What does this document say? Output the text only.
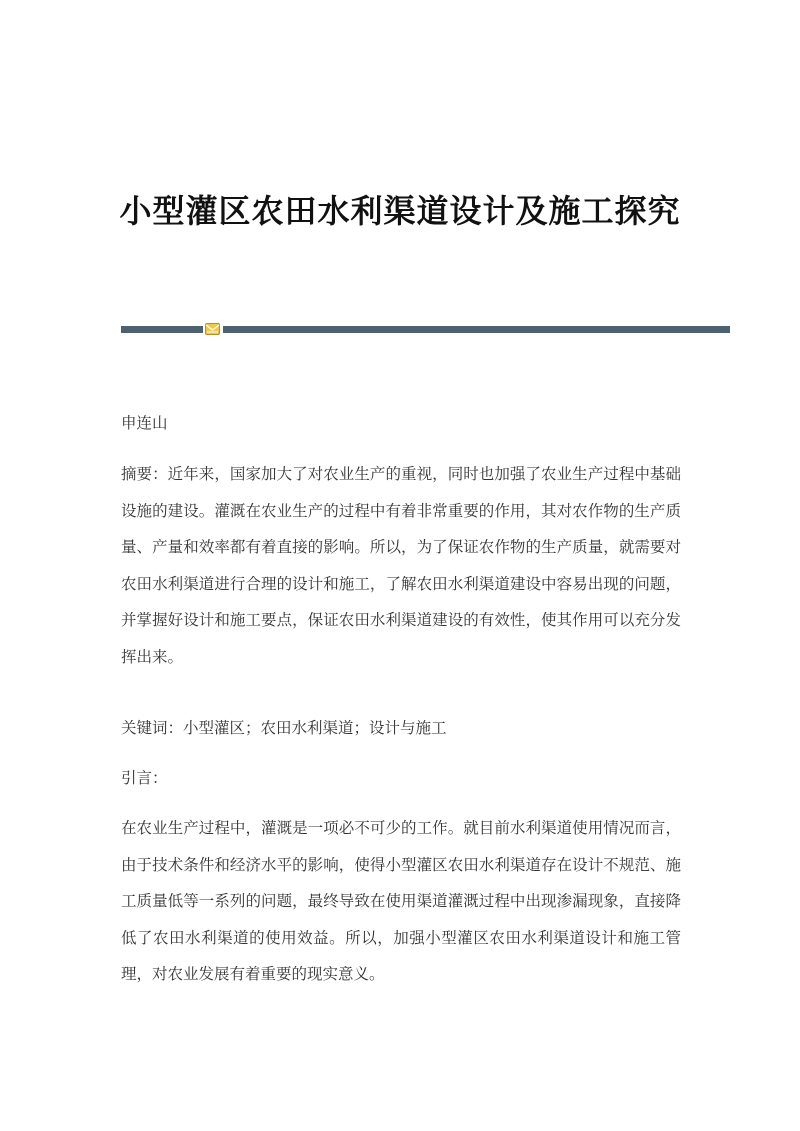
小型灌区农田水利渠道设计及施工探究

申连山

摘要：近年来，国家加大了对农业生产的重视，同时也加强了农业生产过程中基础设施的建设。灌溉在农业生产的过程中有着非常重要的作用，其对农作物的生产质量、产量和效率都有着直接的影响。所以，为了保证农作物的生产质量，就需要对农田水利渠道进行合理的设计和施工，了解农田水利渠道建设中容易出现的问题，并掌握好设计和施工要点，保证农田水利渠道建设的有效性，使其作用可以充分发挥出来。

关键词：小型灌区；农田水利渠道；设计与施工

引言：

在农业生产过程中，灌溉是一项必不可少的工作。就目前水利渠道使用情况而言，由于技术条件和经济水平的影响，使得小型灌区农田水利渠道存在设计不规范、施工质量低等一系列的问题，最终导致在使用渠道灌溉过程中出现渗漏现象，直接降低了农田水利渠道的使用效益。所以，加强小型灌区农田水利渠道设计和施工管理，对农业发展有着重要的现实意义。
